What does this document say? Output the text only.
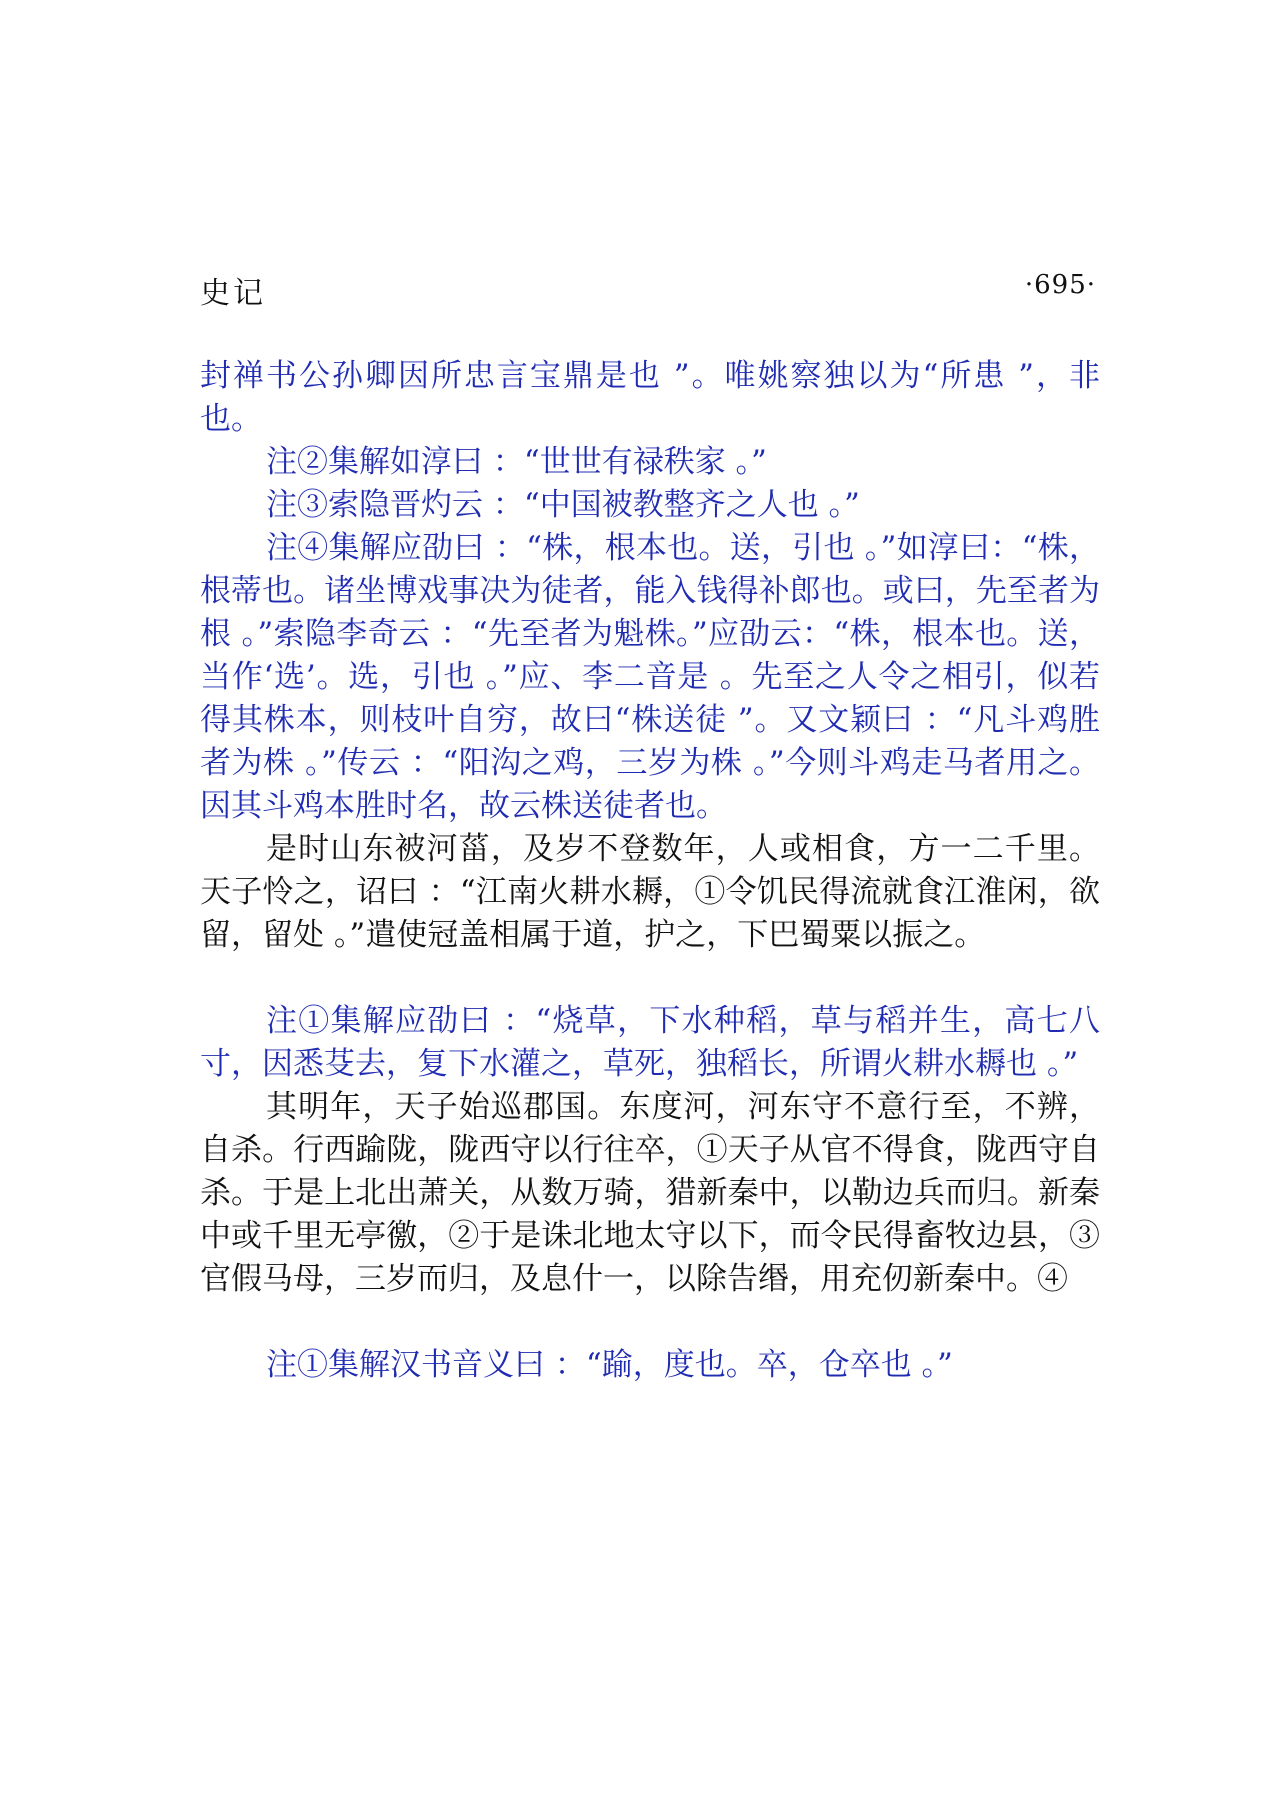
史记	·695·

封禅书公孙卿因所忠言宝鼎是也 ”。唯姚察独以为“所患 ”，非也。

注②集解如淳曰 ：“世世有禄秩家 。”

注③索隐晋灼云 ：“中国被教整齐之人也 。”

注④集解应劭曰 ：“株，根本也。送，引也 。”如淳曰：“株，根蒂也。诸坐博戏事决为徒者，能入钱得补郎也。或曰，先至者为根 。”索隐李奇云 ：“先至者为魁株。”应劭云：“株，根本也。送，当作‘选’。选，引也 。”应、李二音是 。先至之人令之相引，似若得其株本，则枝叶自穷，故曰“株送徒 ”。又文颖曰 ：“凡斗鸡胜者为株 。”传云 ：“阳沟之鸡，三岁为株 。”今则斗鸡走马者用之。因其斗鸡本胜时名，故云株送徒者也。

是时山东被河菑，及岁不登数年，人或相食，方一二千里。天子怜之，诏曰 ：“江南火耕水耨，①令饥民得流就食江淮闲，欲留，留处 。”遣使冠盖相属于道，护之，下巴蜀粟以振之。

注①集解应劭曰 ：“烧草，下水种稻，草与稻并生，高七八寸，因悉芟去，复下水灌之，草死，独稻长，所谓火耕水耨也 。”

其明年，天子始巡郡国。东度河，河东守不意行至，不辨，自杀。行西踰陇，陇西守以行往卒，①天子从官不得食，陇西守自杀。于是上北出萧关，从数万骑，猎新秦中，以勒边兵而归。新秦中或千里无亭徼，②于是诛北地太守以下，而令民得畜牧边县，③官假马母，三岁而归，及息什一，以除告缗，用充仞新秦中。④

注①集解汉书音义曰 ：“踰，度也。卒，仓卒也 。”
